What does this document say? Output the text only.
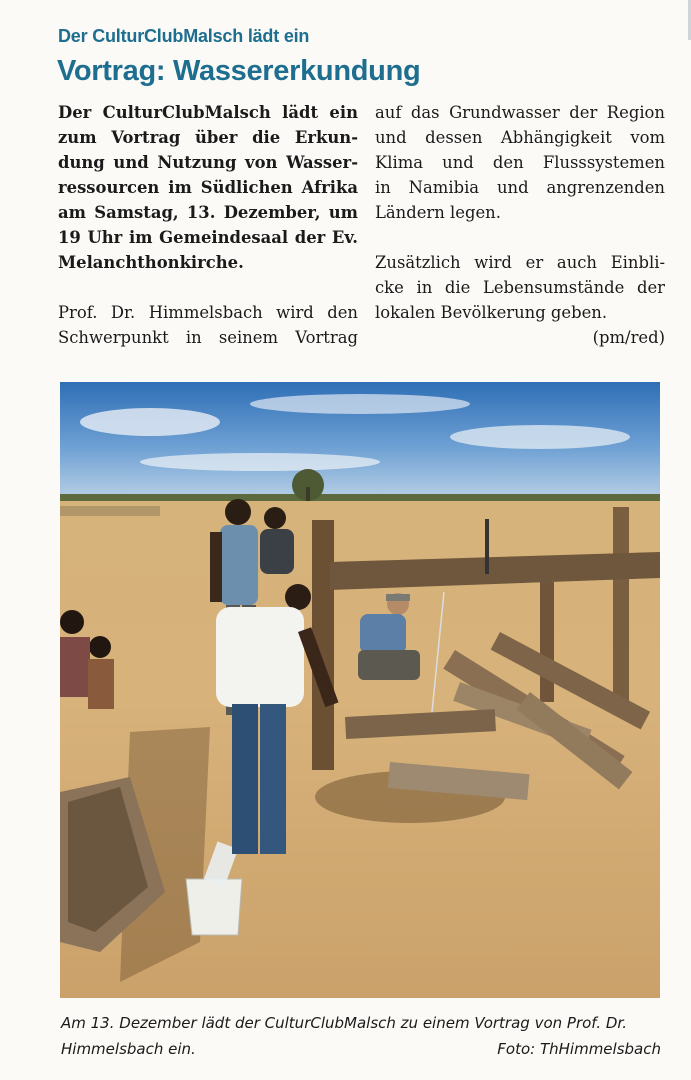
Der CulturClubMalsch lädt ein
Vortrag: Wassererkundung

Der CulturClubMalsch lädt ein
zum Vortrag über die Erkun-
dung und Nutzung von Wasser-
ressourcen im Südlichen Afrika
am Samstag, 13. Dezember, um
19 Uhr im Gemeindesaal der Ev.
Melanchthonkirche.

Prof. Dr. Himmelsbach wird den
Schwerpunkt in seinem Vortrag

auf das Grundwasser der Region
und dessen Abhängigkeit vom
Klima und den Flusssystemen
in Namibia und angrenzenden
Ländern legen.

Zusätzlich wird er auch Einbli-
cke in die Lebensumstände der
lokalen Bevölkerung geben.
(pm/red)

Am 13. Dezember lädt der CulturClubMalsch zu einem Vortrag von Prof. Dr.
Himmelsbach ein.	Foto: ThHimmelsbach
